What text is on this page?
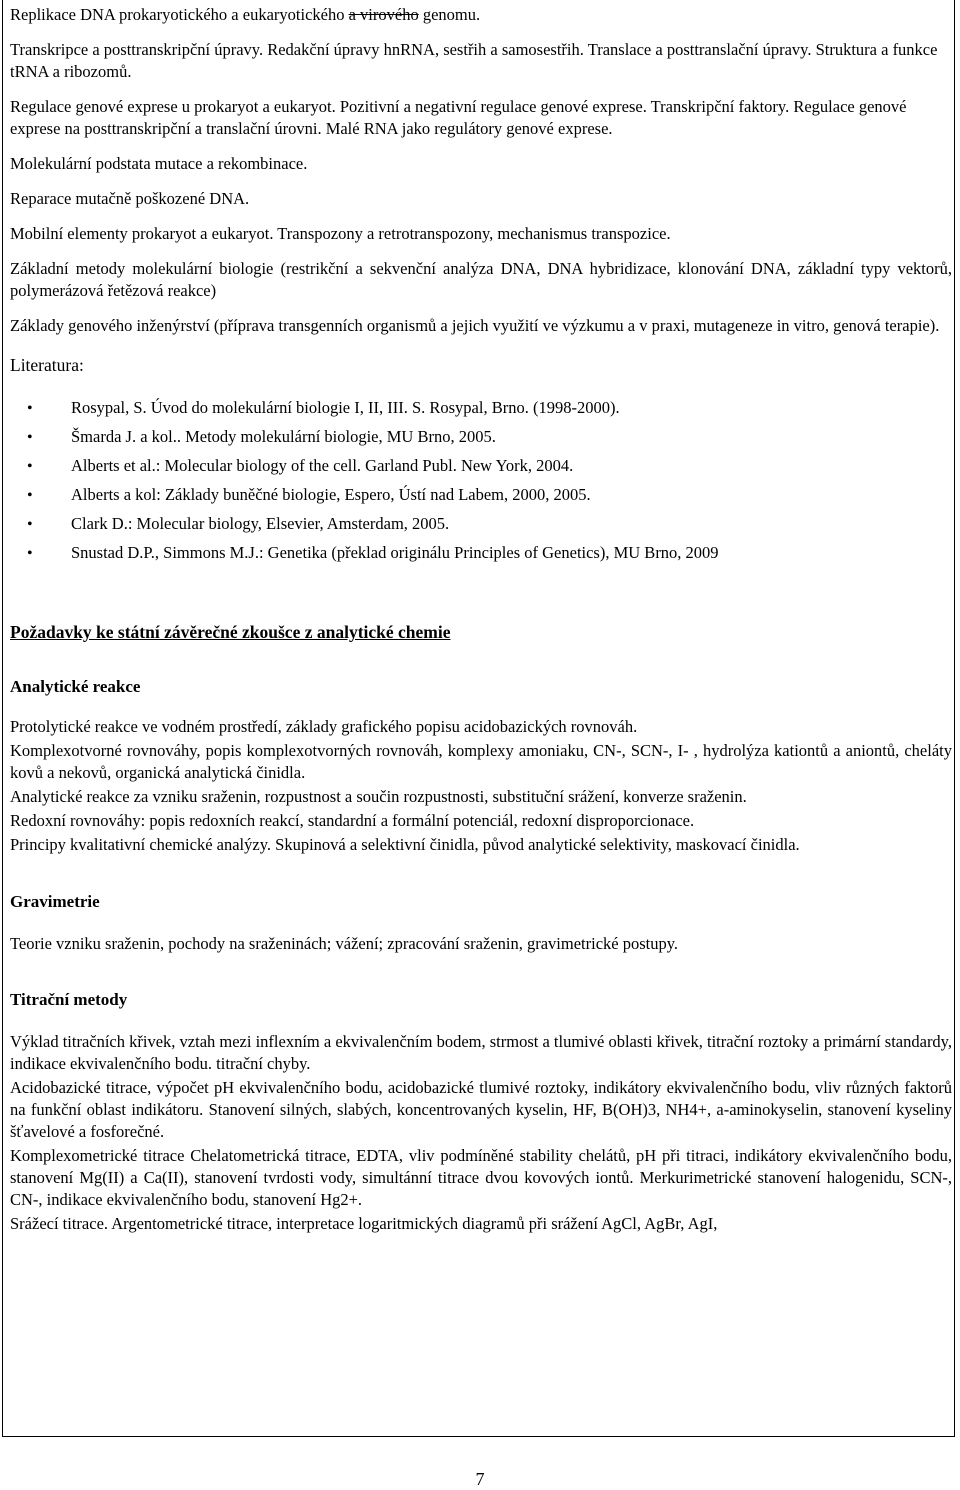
Replikace DNA prokaryotického a eukaryotického a virového genomu.

Transkripce a posttranskripční úpravy. Redakční úpravy hnRNA, sestřih a samosestřih. Translace a posttranslační úpravy. Struktura a funkce tRNA a ribozomů.

Regulace genové exprese u prokaryot a eukaryot. Pozitivní a negativní regulace genové exprese. Transkripční faktory. Regulace genové exprese na posttranskripční a translační úrovni. Malé RNA jako regulátory genové exprese.

Molekulární podstata mutace a rekombinace.

Reparace mutačně poškozené DNA.

Mobilní elementy prokaryot a eukaryot. Transpozony a retrotranspozony, mechanismus transpozice.

Základní metody molekulární biologie (restrikční a sekvenční analýza DNA, DNA hybridizace, klonování DNA, základní typy vektorů, polymerázová řetězová reakce)

Základy genového inženýrství (příprava transgenních organismů a jejich využití ve výzkumu a v praxi, mutageneze in vitro, genová terapie).

Literatura:

• Rosypal, S. Úvod do molekulární biologie I, II, III. S. Rosypal, Brno. (1998-2000).
• Šmarda J. a kol.. Metody molekulární biologie, MU Brno, 2005.
• Alberts et al.: Molecular biology of the cell. Garland Publ. New York, 2004.
• Alberts a kol: Základy buněčné biologie, Espero, Ústí nad Labem, 2000, 2005.
• Clark D.: Molecular biology, Elsevier, Amsterdam, 2005.
• Snustad D.P., Simmons M.J.: Genetika (překlad originálu Principles of Genetics), MU Brno, 2009

Požadavky ke státní závěrečné zkoušce z analytické chemie

Analytické reakce

Protolytické reakce ve vodném prostředí, základy grafického popisu acidobazických rovnováh.

Komplexotvorné rovnováhy, popis komplexotvorných rovnováh, komplexy amoniaku, CN-, SCN-, I- , hydrolýza kationtů a aniontů, cheláty kovů a nekovů, organická analytická činidla.

Analytické reakce za vzniku sraženin, rozpustnost a součin rozpustnosti, substituční srážení, konverze sraženin.

Redoxní rovnováhy: popis redoxních reakcí, standardní a formální potenciál, redoxní disproporcionace.

Principy kvalitativní chemické analýzy. Skupinová a selektivní činidla, původ analytické selektivity, maskovací činidla.

Gravimetrie

Teorie vzniku sraženin, pochody na sraženinách; vážení; zpracování sraženin, gravimetrické postupy.

Titrační metody

Výklad titračních křivek, vztah mezi inflexním a ekvivalenčním bodem, strmost a tlumivé oblasti křivek, titrační roztoky a primární standardy, indikace ekvivalenčního bodu. titrační chyby.

Acidobazické titrace, výpočet pH ekvivalenčního bodu, acidobazické tlumivé roztoky, indikátory ekvivalenčního bodu, vliv různých faktorů na funkční oblast indikátoru. Stanovení silných, slabých, koncentrovaných kyselin, HF, B(OH)3, NH4+, a-aminokyselin, stanovení kyseliny šťavelové a fosforečné.

Komplexometrické titrace Chelatometrická titrace, EDTA, vliv podmíněné stability chelátů, pH při titraci, indikátory ekvivalenčního bodu, stanovení Mg(II) a Ca(II), stanovení tvrdosti vody, simultánní titrace dvou kovových iontů. Merkurimetrické stanovení halogenidu, SCN-, CN-, indikace ekvivalenčního bodu, stanovení Hg2+.

Srážecí titrace. Argentometrické titrace, interpretace logaritmických diagramů při srážení AgCl, AgBr, AgI,

7
